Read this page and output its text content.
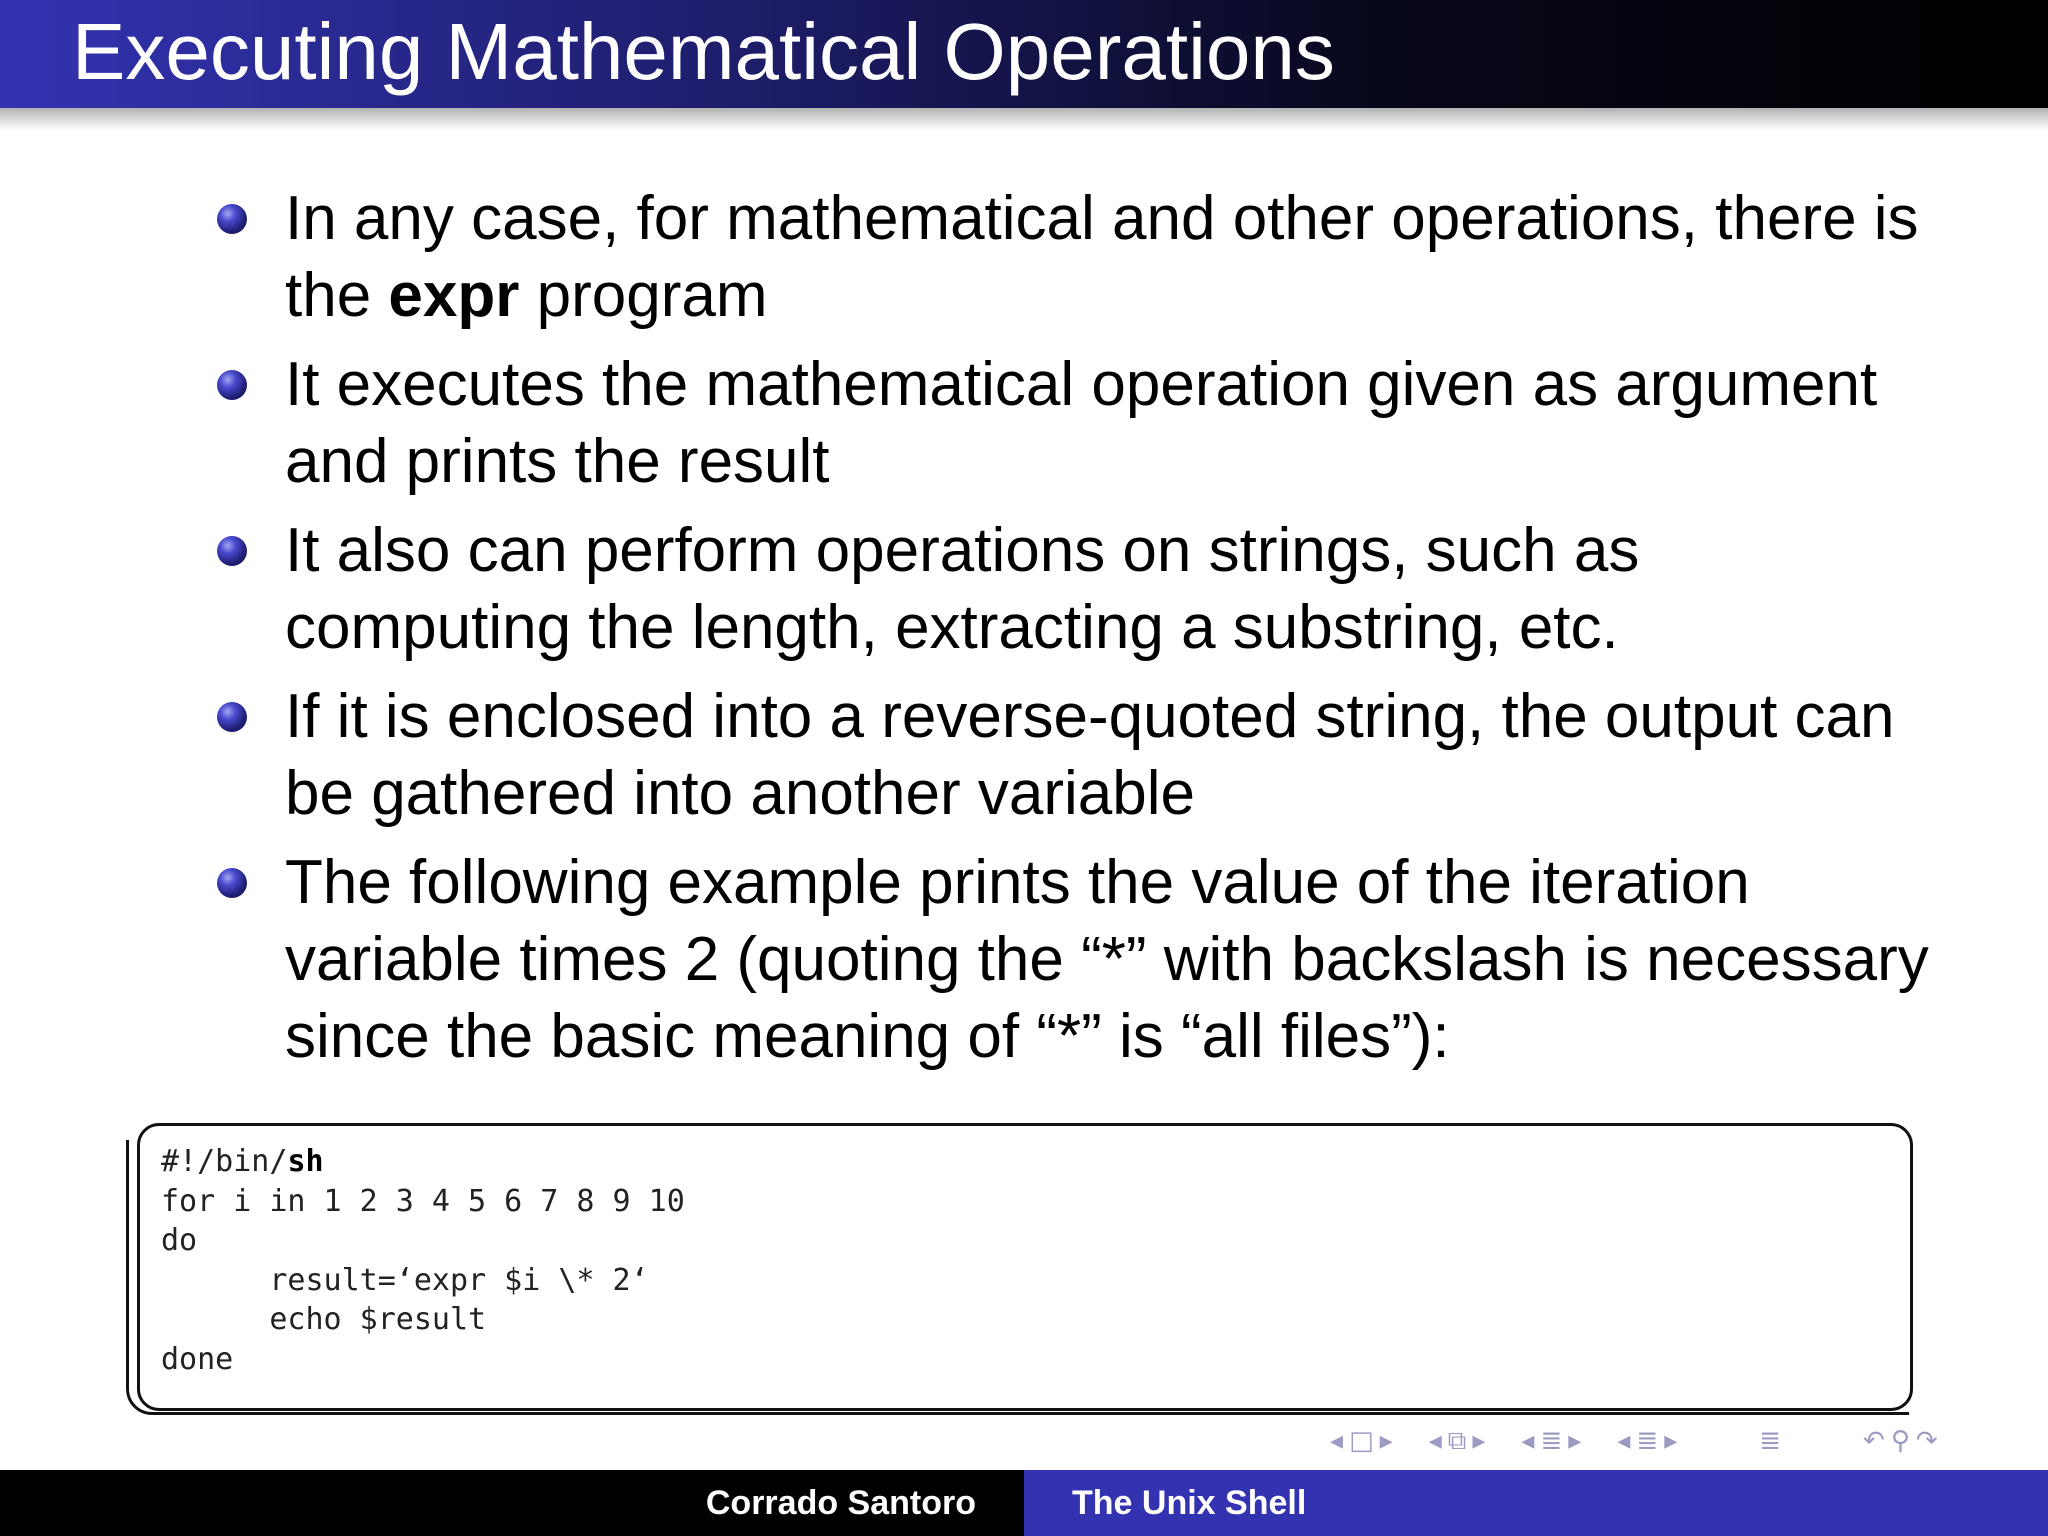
Executing Mathematical Operations
In any case, for mathematical and other operations, there is the expr program
It executes the mathematical operation given as argument and prints the result
It also can perform operations on strings, such as computing the length, extracting a substring, etc.
If it is enclosed into a reverse-quoted string, the output can be gathered into another variable
The following example prints the value of the iteration variable times 2 (quoting the “*” with backslash is necessary since the basic meaning of “*” is “all files”):
#!/bin/sh
for i in 1 2 3 4 5 6 7 8 9 10
do
result=‘expr $i \* 2‘
echo $result
done
◂ □ ▸ ◂ ⧉ ▸ ◂ ≣ ▸ ◂ ≣ ▸	≣	↶ ⚲ ↷
Corrado Santoro	The Unix Shell
